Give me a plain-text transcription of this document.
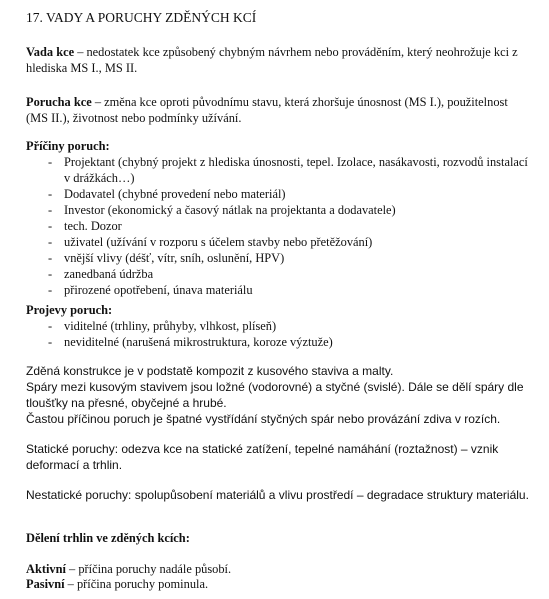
17. VADY A PORUCHY ZDĚNÝCH KCÍ

Vada kce – nedostatek kce způsobený chybným návrhem nebo prováděním, který neohrožuje kci z hlediska MS I., MS II.

Porucha kce – změna kce oproti původnímu stavu, která zhoršuje únosnost (MS I.), použitelnost (MS II.), životnost nebo podmínky užívání.

Příčiny poruch:

- Projektant (chybný projekt z hlediska únosnosti, tepel. Izolace, nasákavosti, rozvodů instalací v drážkách…)
- Dodavatel (chybné provedení nebo materiál)
- Investor (ekonomický a časový nátlak na projektanta a dodavatele)
- tech. Dozor
- uživatel (užívání v rozporu s účelem stavby nebo přetěžování)
- vnější vlivy (déšť, vítr, sníh, oslunění, HPV)
- zanedbaná údržba
- přirozené opotřebení, únava materiálu

Projevy poruch:

- viditelné (trhliny, průhyby, vlhkost, plíseň)
- neviditelné (narušená mikrostruktura, koroze výztuže)

Zděná konstrukce je v podstatě kompozit z kusového staviva a malty.

Spáry mezi kusovým stavivem jsou ložné (vodorovné) a styčné (svislé). Dále se dělí spáry dle tloušťky na přesné, obyčejné a hrubé.

Častou příčinou poruch je špatné vystřídání styčných spár nebo provázání zdiva v rozích.

Statické poruchy: odezva kce na statické zatížení, tepelné namáhání (roztažnost) – vznik deformací a trhlin.

Nestatické poruchy: spolupůsobení materiálů a vlivu prostředí – degradace struktury materiálu.

Dělení trhlin ve zděných kcích:

Aktivní – příčina poruchy nadále působí.

Pasivní – příčina poruchy pominula.
